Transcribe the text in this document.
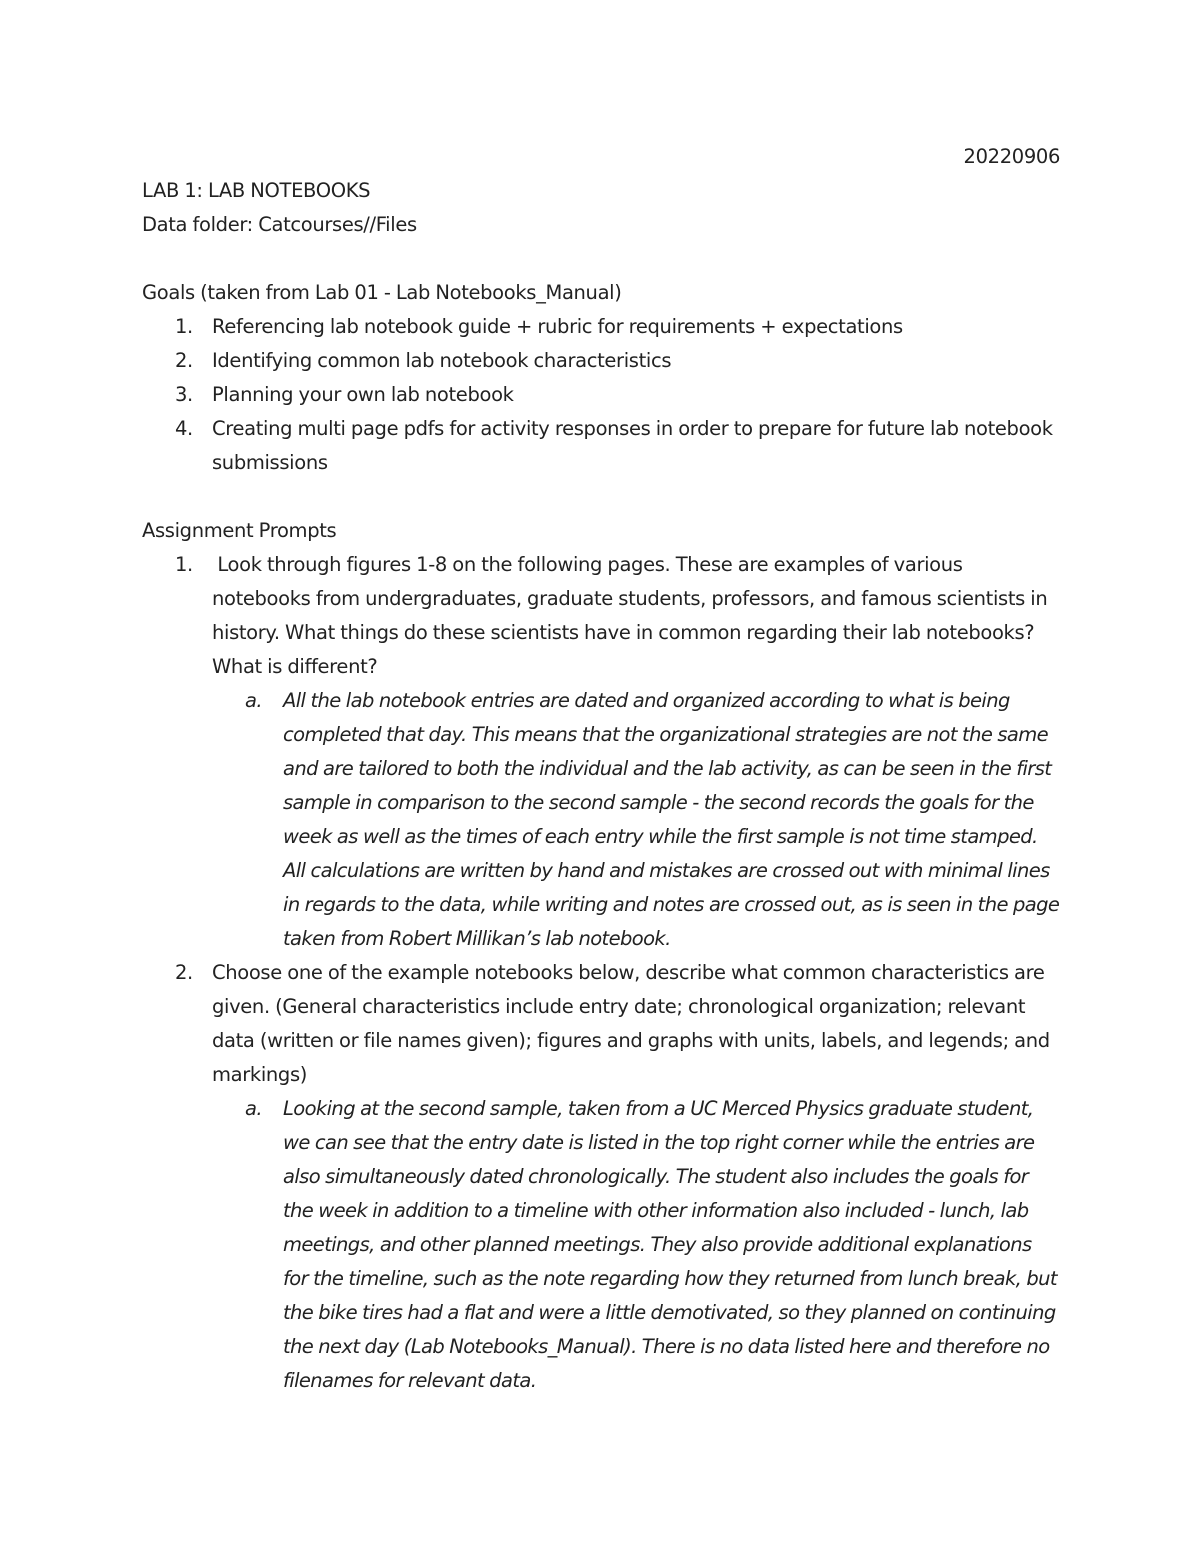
20220906
LAB 1: LAB NOTEBOOKS
Data folder: Catcourses//Files
Goals (taken from Lab 01 - Lab Notebooks_Manual)
1. Referencing lab notebook guide + rubric for requirements + expectations
2. Identifying common lab notebook characteristics
3. Planning your own lab notebook
4. Creating multi page pdfs for activity responses in order to prepare for future lab notebook submissions
Assignment Prompts
1. Look through figures 1-8 on the following pages. These are examples of various notebooks from undergraduates, graduate students, professors, and famous scientists in history. What things do these scientists have in common regarding their lab notebooks? What is different?
a. All the lab notebook entries are dated and organized according to what is being completed that day. This means that the organizational strategies are not the same and are tailored to both the individual and the lab activity, as can be seen in the first sample in comparison to the second sample - the second records the goals for the week as well as the times of each entry while the first sample is not time stamped. All calculations are written by hand and mistakes are crossed out with minimal lines in regards to the data, while writing and notes are crossed out, as is seen in the page taken from Robert Millikan’s lab notebook.
2. Choose one of the example notebooks below, describe what common characteristics are given. (General characteristics include entry date; chronological organization; relevant data (written or file names given); figures and graphs with units, labels, and legends; and markings)
a. Looking at the second sample, taken from a UC Merced Physics graduate student, we can see that the entry date is listed in the top right corner while the entries are also simultaneously dated chronologically. The student also includes the goals for the week in addition to a timeline with other information also included - lunch, lab meetings, and other planned meetings. They also provide additional explanations for the timeline, such as the note regarding how they returned from lunch break, but the bike tires had a flat and were a little demotivated, so they planned on continuing the next day (Lab Notebooks_Manual). There is no data listed here and therefore no filenames for relevant data.
